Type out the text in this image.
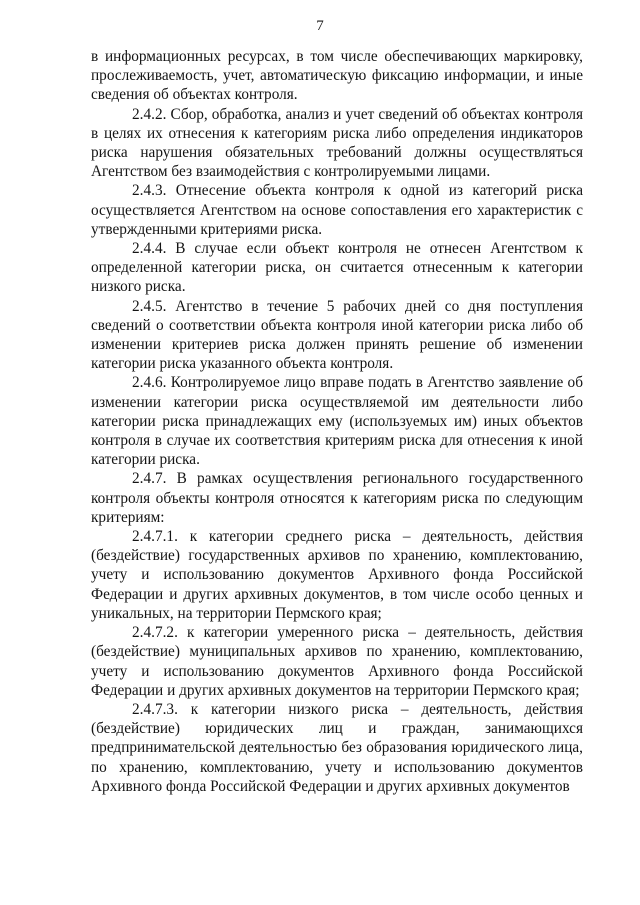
7

в информационных ресурсах, в том числе обеспечивающих маркировку, прослеживаемость, учет, автоматическую фиксацию информации, и иные сведения об объектах контроля.

2.4.2. Сбор, обработка, анализ и учет сведений об объектах контроля в целях их отнесения к категориям риска либо определения индикаторов риска нарушения обязательных требований должны осуществляться Агентством без взаимодействия с контролируемыми лицами.

2.4.3. Отнесение объекта контроля к одной из категорий риска осуществляется Агентством на основе сопоставления его характеристик с утвержденными критериями риска.

2.4.4. В случае если объект контроля не отнесен Агентством к определенной категории риска, он считается отнесенным к категории низкого риска.

2.4.5. Агентство в течение 5 рабочих дней со дня поступления сведений о соответствии объекта контроля иной категории риска либо об изменении критериев риска должен принять решение об изменении категории риска указанного объекта контроля.

2.4.6. Контролируемое лицо вправе подать в Агентство заявление об изменении категории риска осуществляемой им деятельности либо категории риска принадлежащих ему (используемых им) иных объектов контроля в случае их соответствия критериям риска для отнесения к иной категории риска.

2.4.7. В рамках осуществления регионального государственного контроля объекты контроля относятся к категориям риска по следующим критериям:

2.4.7.1. к категории среднего риска – деятельность, действия (бездействие) государственных архивов по хранению, комплектованию, учету и использованию документов Архивного фонда Российской Федерации и других архивных документов, в том числе особо ценных и уникальных, на территории Пермского края;

2.4.7.2. к категории умеренного риска – деятельность, действия (бездействие) муниципальных архивов по хранению, комплектованию, учету и использованию документов Архивного фонда Российской Федерации и других архивных документов на территории Пермского края;

2.4.7.3. к категории низкого риска – деятельность, действия (бездействие) юридических лиц и граждан, занимающихся предпринимательской деятельностью без образования юридического лица, по хранению, комплектованию, учету и использованию документов Архивного фонда Российской Федерации и других архивных документов
